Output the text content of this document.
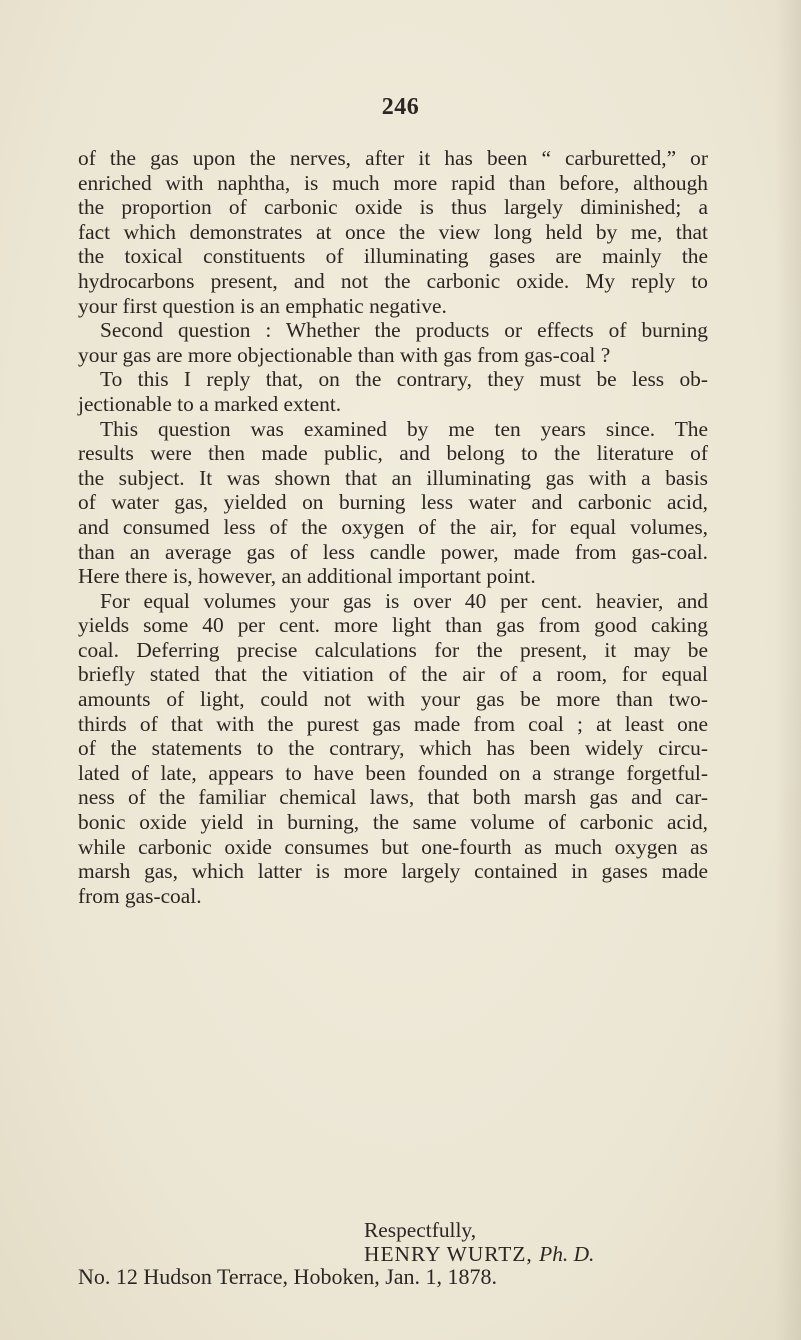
246
of the gas upon the nerves, after it has been “ carburetted,” or
enriched with naphtha, is much more rapid than before, although
the proportion of carbonic oxide is thus largely diminished; a
fact which demonstrates at once the view long held by me, that
the toxical constituents of illuminating gases are mainly the
hydrocarbons present, and not the carbonic oxide. My reply to
your first question is an emphatic negative.
Second question : Whether the products or effects of burning
your gas are more objectionable than with gas from gas-coal ?
To this I reply that, on the contrary, they must be less ob-
jectionable to a marked extent.
This question was examined by me ten years since. The
results were then made public, and belong to the literature of
the subject. It was shown that an illuminating gas with a basis
of water gas, yielded on burning less water and carbonic acid,
and consumed less of the oxygen of the air, for equal volumes,
than an average gas of less candle power, made from gas-coal.
Here there is, however, an additional important point.
For equal volumes your gas is over 40 per cent. heavier, and
yields some 40 per cent. more light than gas from good caking
coal. Deferring precise calculations for the present, it may be
briefly stated that the vitiation of the air of a room, for equal
amounts of light, could not with your gas be more than two-
thirds of that with the purest gas made from coal ; at least one
of the statements to the contrary, which has been widely circu-
lated of late, appears to have been founded on a strange forgetful-
ness of the familiar chemical laws, that both marsh gas and car-
bonic oxide yield in burning, the same volume of carbonic acid,
while carbonic oxide consumes but one-fourth as much oxygen as
marsh gas, which latter is more largely contained in gases made
from gas-coal.
Respectfully,
HENRY WURTZ, Ph. D.
No. 12 Hudson Terrace, Hoboken, Jan. 1, 1878.
